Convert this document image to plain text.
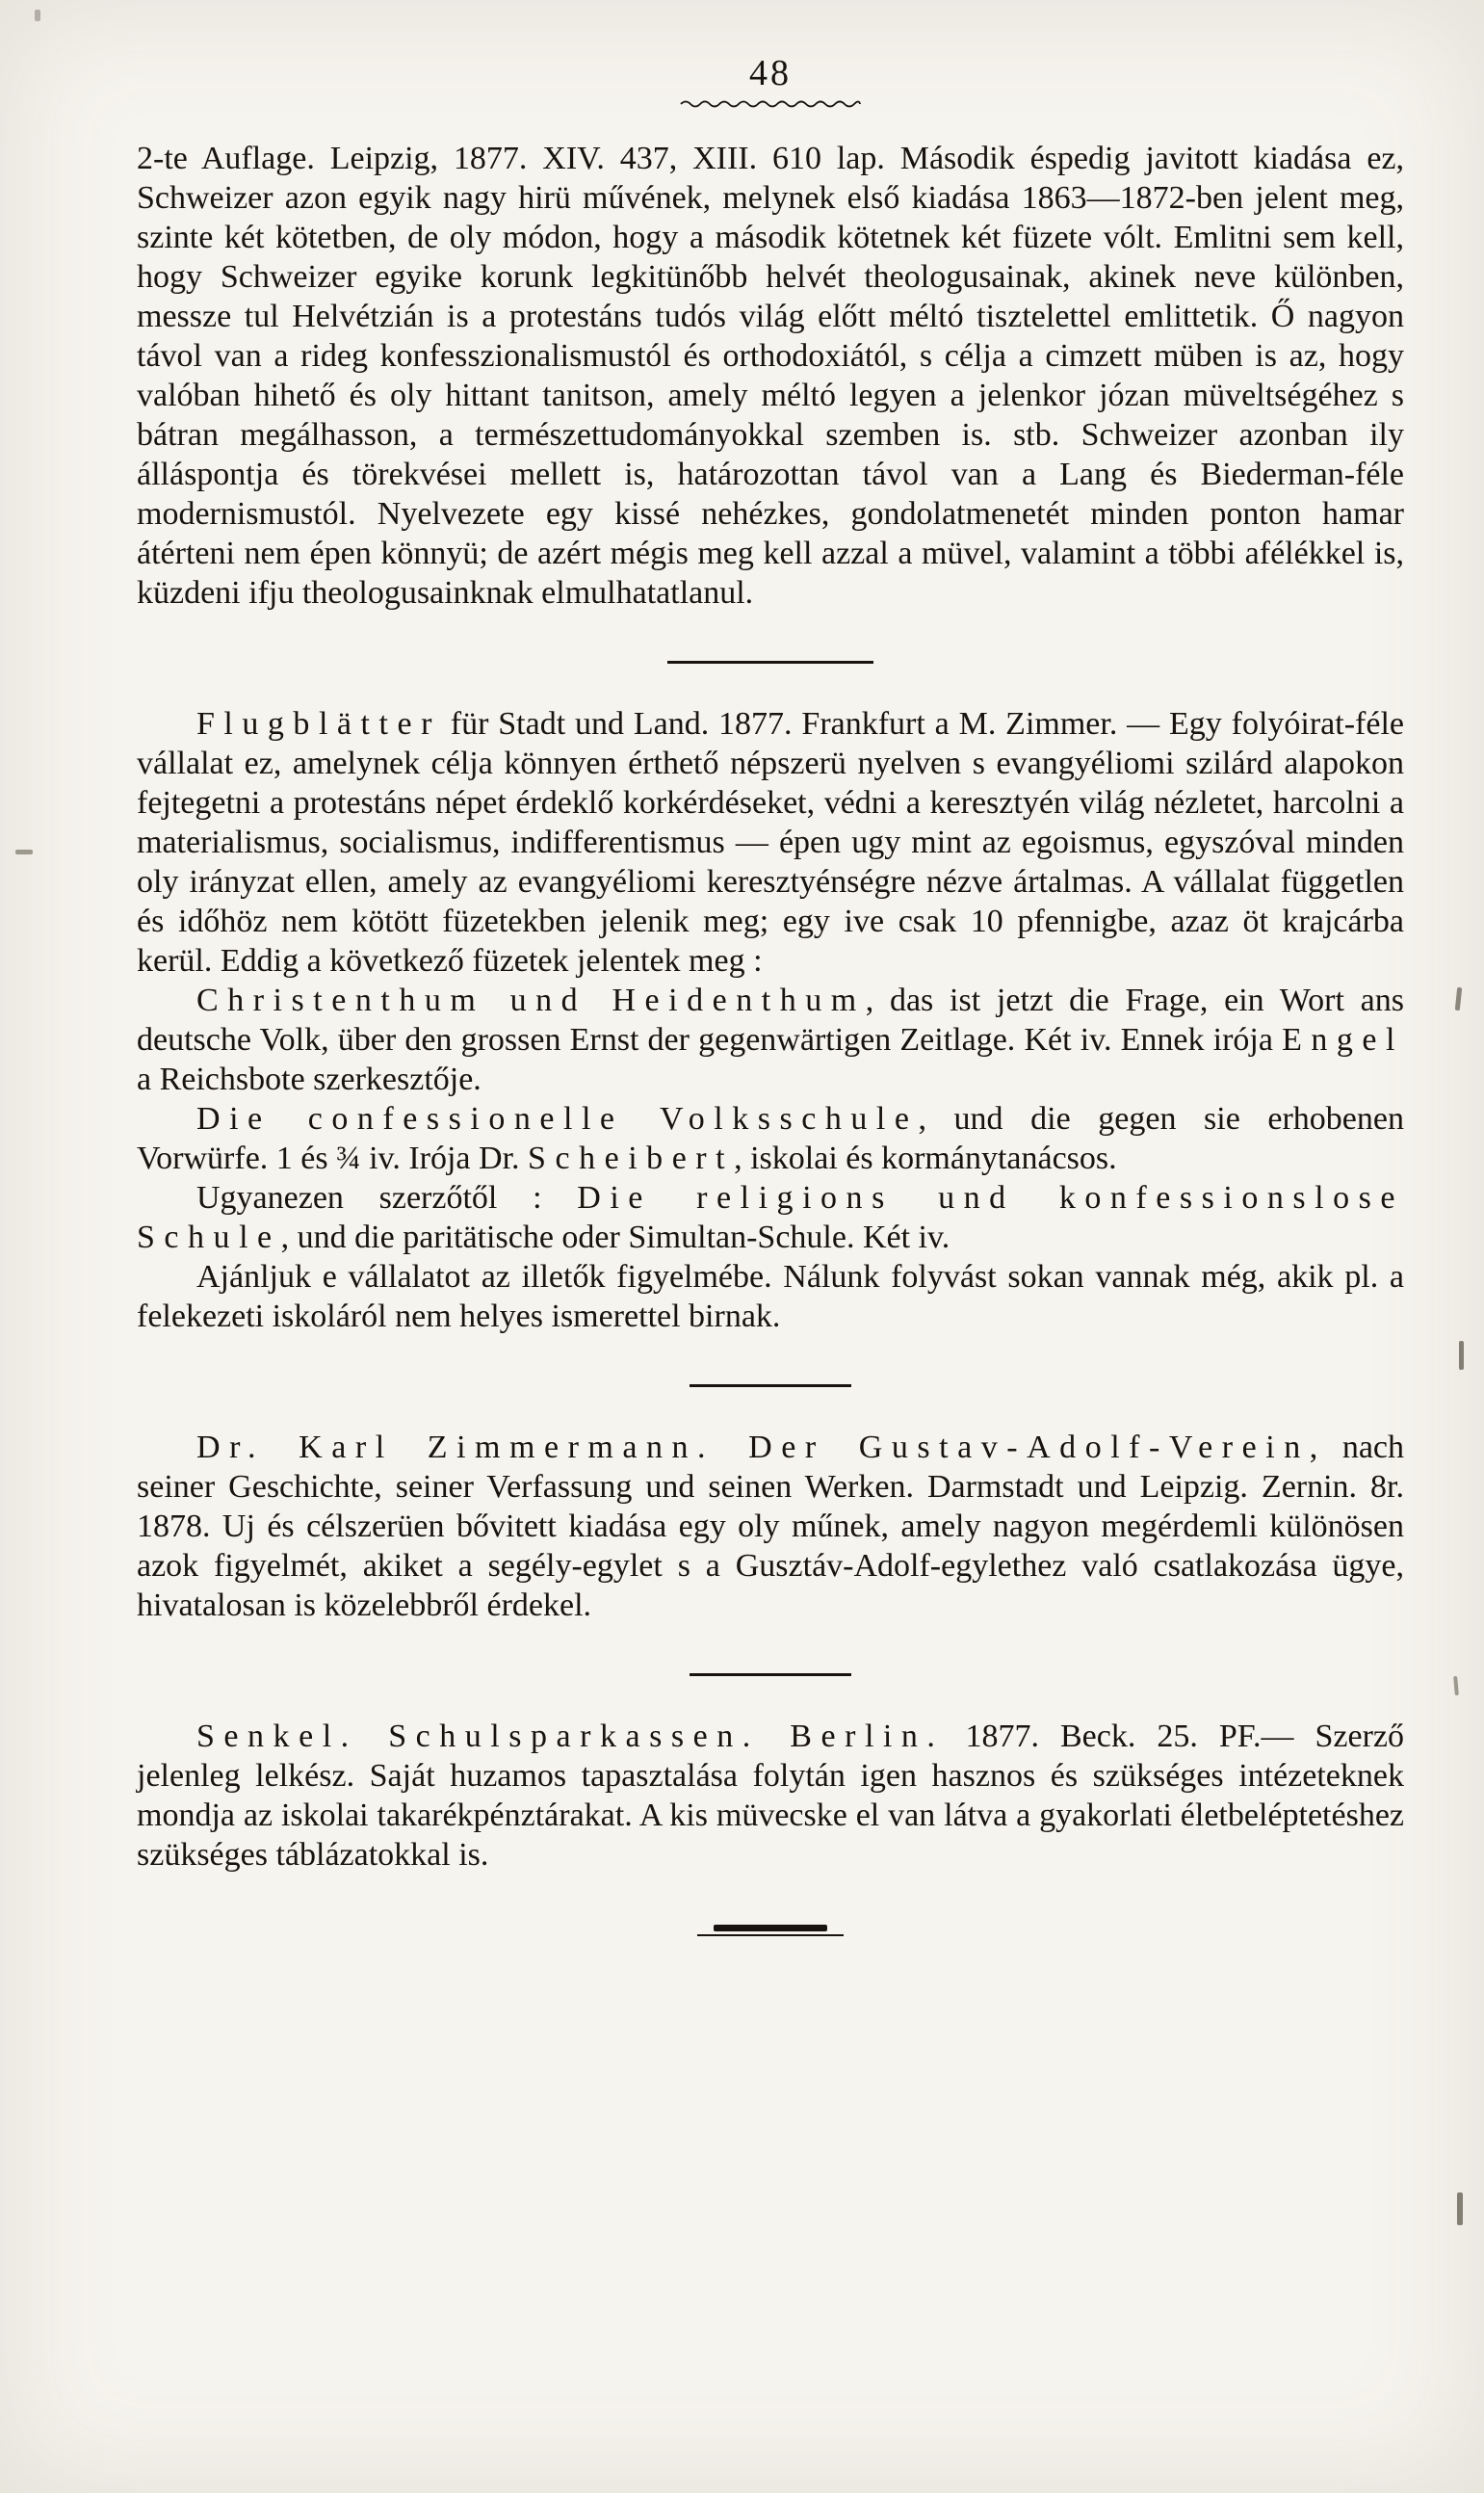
48

2-te Auflage. Leipzig, 1877. XIV. 437, XIII. 610 lap. Második éspedig javitott kiadása ez, Schweizer azon egyik nagy hirü művének, melynek első kiadása 1863—1872-ben jelent meg, szinte két kötetben, de oly módon, hogy a második kötetnek két füzete vólt. Emlitni sem kell, hogy Schweizer egyike korunk legkitünőbb helvét theologusainak, akinek neve különben, messze tul Helvétzián is a protestáns tudós világ előtt méltó tisztelettel emlittetik. Ő nagyon távol van a rideg konfesszionalismustól és orthodoxiától, s célja a cimzett müben is az, hogy valóban hihető és oly hittant tanitson, amely méltó legyen a jelenkor józan müveltségéhez s bátran megálhasson, a természettudományokkal szemben is. stb. Schweizer azonban ily álláspontja és törekvései mellett is, határozottan távol van a Lang és Biederman-féle modernismustól. Nyelvezete egy kissé nehézkes, gondolatmenetét minden ponton hamar átérteni nem épen könnyü; de azért mégis meg kell azzal a müvel, valamint a többi afélékkel is, küzdeni ifju theologusainknak elmulhatatlanul.

Flugblätter für Stadt und Land. 1877. Frankfurt a M. Zimmer. — Egy folyóirat-féle vállalat ez, amelynek célja könnyen érthető népszerü nyelven s evangyéliomi szilárd alapokon fejtegetni a protestáns népet érdeklő korkérdéseket, védni a keresztyén világ nézletet, harcolni a materialismus, socialismus, indifferentismus — épen ugy mint az egoismus, egyszóval minden oly irányzat ellen, amely az evangyéliomi keresztyénségre nézve ártalmas. A vállalat független és időhöz nem kötött füzetekben jelenik meg; egy ive csak 10 pfennigbe, azaz öt krajcárba kerül. Eddig a következő füzetek jelentek meg :

Christenthum und Heidenthum, das ist jetzt die Frage, ein Wort ans deutsche Volk, über den grossen Ernst der gegenwärtigen Zeitlage. Két iv. Ennek irója Engel a Reichsbote szerkesztője.

Die confessionelle Volksschule, und die gegen sie erhobenen Vorwürfe. 1 és ¾ iv. Irója Dr. Scheibert, iskolai és kormánytanácsos.

Ugyanezen szerzőtől : Die religions und konfessionslose Schule, und die paritätische oder Simultan-Schule. Két iv.

Ajánljuk e vállalatot az illetők figyelmébe. Nálunk folyvást sokan vannak még, akik pl. a felekezeti iskoláról nem helyes ismerettel birnak.

Dr. Karl Zimmermann. Der Gustav-Adolf-Verein, nach seiner Geschichte, seiner Verfassung und seinen Werken. Darmstadt und Leipzig. Zernin. 8r. 1878. Uj és célszerüen bővitett kiadása egy oly műnek, amely nagyon megérdemli különösen azok figyelmét, akiket a segély-egylet s a Gusztáv-Adolf-egylethez való csatlakozása ügye, hivatalosan is közelebbről érdekel.

Senkel. Schulsparkassen. Berlin. 1877. Beck. 25. PF.— Szerző jelenleg lelkész. Saját huzamos tapasztalása folytán igen hasznos és szükséges intézeteknek mondja az iskolai takarékpénztárakat. A kis müvecske el van látva a gyakorlati életbeléptetéshez szükséges táblázatokkal is.
